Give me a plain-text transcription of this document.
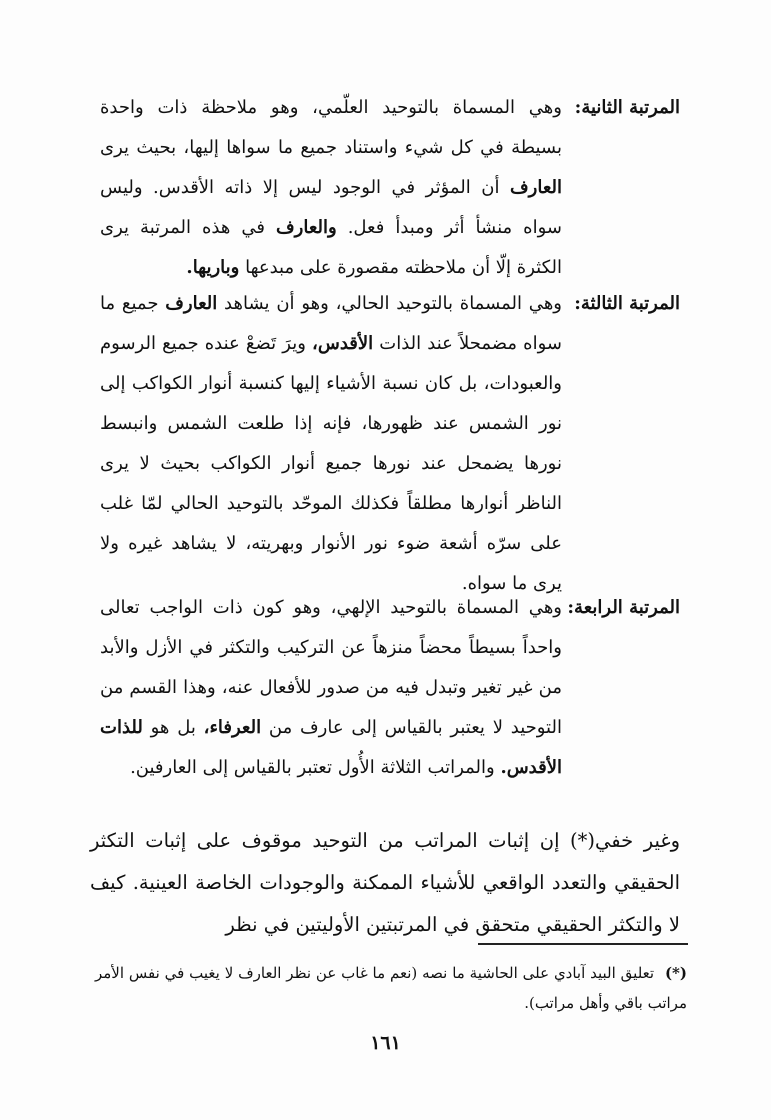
المرتبة الثانية:
وهي المسماة بالتوحيد العلّمي، وهو ملاحظة ذات واحدة بسيطة في كل شيء واستناد جميع ما سواها إليها، بحيث يرى العارف أن المؤثر في الوجود ليس إلا ذاته الأقدس. وليس سواه منشأ أثر ومبدأ فعل. والعارف في هذه المرتبة يرى الكثرة إلّا أن ملاحظته مقصورة على مبدعها وباريها.
المرتبة الثالثة:
وهي المسماة بالتوحيد الحالي، وهو أن يشاهد العارف جميع ما سواه مضمحلاً عند الذات الأقدس، ويرَ تَضعْ عنده جميع الرسوم والعبودات، بل كان نسبة الأشياء إليها كنسبة أنوار الكواكب إلى نور الشمس عند ظهورها، فإنه إذا طلعت الشمس وانبسط نورها يضمحل عند نورها جميع أنوار الكواكب بحيث لا يرى الناظر أنوارها مطلقاً فكذلك الموحّد بالتوحيد الحالي لمّا غلب على سرّه أشعة ضوء نور الأنوار وبهريته، لا يشاهد غيره ولا يرى ما سواه.
المرتبة الرابعة:
وهي المسماة بالتوحيد الإلهي، وهو كون ذات الواجب تعالى واحداً بسيطاً محضاً منزهاً عن التركيب والتكثر في الأزل والأبد من غير تغير وتبدل فيه من صدور للأفعال عنه، وهذا القسم من التوحيد لا يعتبر بالقياس إلى عارف من العرفاء، بل هو للذات الأقدس. والمراتب الثلاثة الأُول تعتبر بالقياس إلى العارفين.
وغير خفي(*) إن إثبات المراتب من التوحيد موقوف على إثبات التكثر الحقيقي والتعدد الواقعي للأشياء الممكنة والوجودات الخاصة العينية. كيف لا والتكثر الحقيقي متحقق في المرتبتين الأوليتين في نظر
(*) تعليق البيد آبادي على الحاشية ما نصه (نعم ما غاب عن نظر العارف لا يغيب في نفس الأمر مراتب باقي وأهل مراتب).
١٦١
